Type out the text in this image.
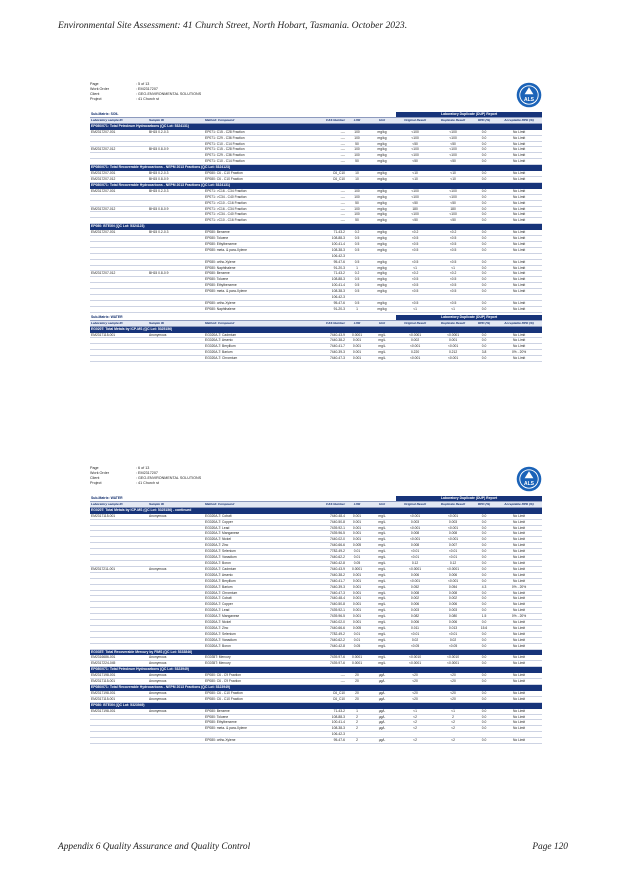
Environmental Site Assessment: 41 Church Street, North Hobart, Tasmania. October 2023.
Page	: 5 of 13
Work Order	: EM2317207
Client	: GEO-ENVIRONMENTAL SOLUTIONS
Project	: 41 Church st	ALS
Sub-Matrix: SOIL						Laboratory Duplicate (DUP) Report			
Laboratory sample ID	Sample ID	Method: Compound	CAS Number	LOR	Unit	Original Result	Duplicate Result	RPD (%)	Acceptable RPD (%)
EP080/071: Total Petroleum Hydrocarbons (QC Lot: 5324131)									
EM2317207-001	BH15 0.2-0.3	EP071: C15 - C28 Fraction	----	100	mg/kg	<100	<100	0.0	No Limit
		EP071: C29 - C36 Fraction	----	100	mg/kg	<100	<100	0.0	No Limit
		EP071: C10 - C14 Fraction	----	50	mg/kg	<50	<50	0.0	No Limit
EM2317207-012	BH15 0.8-0.9	EP071: C15 - C28 Fraction	----	100	mg/kg	<100	<100	0.0	No Limit
		EP071: C29 - C36 Fraction	----	100	mg/kg	<100	<100	0.0	No Limit
		EP071: C10 - C14 Fraction	----	50	mg/kg	<50	<50	0.0	No Limit
EP080/071: Total Recoverable Hydrocarbons - NEPM 2013 Fractions (QC Lot: 5324123)									
EM2317207-001	BH15 0.2-0.3	EP080: C6 - C10 Fraction	C6_C10	10	mg/kg	<10	<10	0.0	No Limit
EM2317207-012	BH15 0.8-0.9	EP080: C6 - C10 Fraction	C6_C10	10	mg/kg	<10	<10	0.0	No Limit
EP080/071: Total Recoverable Hydrocarbons - NEPM 2013 Fractions (QC Lot: 5324131)									
EM2317207-001	BH15 0.2-0.3	EP071: >C16 - C34 Fraction	----	100	mg/kg	<100	<100	0.0	No Limit
		EP071: >C34 - C40 Fraction	----	100	mg/kg	<100	<100	0.0	No Limit
		EP071: >C10 - C16 Fraction	----	50	mg/kg	<50	<50	0.0	No Limit
EM2317207-012	BH15 0.8-0.9	EP071: >C16 - C34 Fraction	----	100	mg/kg	180	180	0.0	No Limit
		EP071: >C34 - C40 Fraction	----	100	mg/kg	<100	<100	0.0	No Limit
		EP071: >C10 - C16 Fraction	----	50	mg/kg	<50	<50	0.0	No Limit
EP080: BTEXN (QC Lot: 5324123)									
EM2317207-001	BH15 0.2-0.3	EP080: Benzene	71-43-2	0.2	mg/kg	<0.2	<0.2	0.0	No Limit
		EP080: Toluene	108-88-3	0.5	mg/kg	<0.5	<0.5	0.0	No Limit
		EP080: Ethylbenzene	100-41-4	0.5	mg/kg	<0.5	<0.5	0.0	No Limit
		EP080: meta- & para-Xylene	108-38-3	0.5	mg/kg	<0.5	<0.5	0.0	No Limit
			106-42-3						
		EP080: ortho-Xylene	95-47-6	0.5	mg/kg	<0.5	<0.5	0.0	No Limit
		EP080: Naphthalene	91-20-3	1	mg/kg	<1	<1	0.0	No Limit
EM2317207-012	BH15 0.8-0.9	EP080: Benzene	71-43-2	0.2	mg/kg	<0.2	<0.2	0.0	No Limit
		EP080: Toluene	108-88-3	0.5	mg/kg	<0.5	<0.5	0.0	No Limit
		EP080: Ethylbenzene	100-41-4	0.5	mg/kg	<0.5	<0.5	0.0	No Limit
		EP080: meta- & para-Xylene	108-38-3	0.5	mg/kg	<0.5	<0.5	0.0	No Limit
			106-42-3						
		EP080: ortho-Xylene	95-47-6	0.5	mg/kg	<0.5	<0.5	0.0	No Limit
		EP080: Naphthalene	91-20-3	1	mg/kg	<1	<1	0.0	No Limit

Sub-Matrix: WATER						Laboratory Duplicate (DUP) Report			
Laboratory sample ID	Sample ID	Method: Compound	CAS Number	LOR	Unit	Original Result	Duplicate Result	RPD (%)	Acceptable RPD (%)
EG020T: Total Metals by ICP-MS (QC Lot: 5325156)									
EM2317115-001	Anonymous	EG020A-T: Cadmium	7440-43-9	0.0001	mg/L	<0.0001	<0.0001	0.0	No Limit
		EG020A-T: Arsenic	7440-38-2	0.001	mg/L	0.002	0.001	0.0	No Limit
		EG020A-T: Beryllium	7440-41-7	0.001	mg/L	<0.001	<0.001	0.0	No Limit
		EG020A-T: Barium	7440-39-3	0.001	mg/L	0.220	0.212	3.8	0% - 20%
		EG020A-T: Chromium	7440-47-3	0.001	mg/L	<0.001	<0.001	0.0	No Limit
Page	: 6 of 13
Work Order	: EM2317207
Client	: GEO-ENVIRONMENTAL SOLUTIONS
Project	: 41 Church st	ALS
Sub-Matrix: WATER						Laboratory Duplicate (DUP) Report			
Laboratory sample ID	Sample ID	Method: Compound	CAS Number	LOR	Unit	Original Result	Duplicate Result	RPD (%)	Acceptable RPD (%)
EG020T: Total Metals by ICP-MS (QC Lot: 5325156) - continued									
EM2317115-001	Anonymous	EG020A-T: Cobalt	7440-48-4	0.001	mg/L	<0.001	<0.001	0.0	No Limit
		EG020A-T: Copper	7440-50-8	0.001	mg/L	0.003	0.003	0.0	No Limit
		EG020A-T: Lead	7439-92-1	0.001	mg/L	<0.001	<0.001	0.0	No Limit
		EG020A-T: Manganese	7439-96-5	0.001	mg/L	0.008	0.008	0.0	No Limit
		EG020A-T: Nickel	7440-02-0	0.001	mg/L	<0.001	<0.001	0.0	No Limit
		EG020A-T: Zinc	7440-66-6	0.005	mg/L	0.008	0.007	0.0	No Limit
		EG020A-T: Selenium	7782-49-2	0.01	mg/L	<0.01	<0.01	0.0	No Limit
		EG020A-T: Vanadium	7440-62-2	0.01	mg/L	<0.01	<0.01	0.0	No Limit
		EG020A-T: Boron	7440-42-8	0.05	mg/L	0.12	0.12	0.0	No Limit
EM2317211-001	Anonymous	EG020A-T: Cadmium	7440-43-9	0.0001	mg/L	<0.0001	<0.0001	0.0	No Limit
		EG020A-T: Arsenic	7440-38-2	0.001	mg/L	0.006	0.006	0.0	No Limit
		EG020A-T: Beryllium	7440-41-7	0.001	mg/L	<0.001	<0.001	0.0	No Limit
		EG020A-T: Barium	7440-39-3	0.001	mg/L	0.052	0.054	4.3	0% - 20%
		EG020A-T: Chromium	7440-47-3	0.001	mg/L	0.008	0.008	0.0	No Limit
		EG020A-T: Cobalt	7440-48-4	0.001	mg/L	0.002	0.002	0.0	No Limit
		EG020A-T: Copper	7440-50-8	0.001	mg/L	0.006	0.006	0.0	No Limit
		EG020A-T: Lead	7439-92-1	0.001	mg/L	0.003	0.003	0.0	No Limit
		EG020A-T: Manganese	7439-96-5	0.001	mg/L	0.082	0.080	1.5	0% - 20%
		EG020A-T: Nickel	7440-02-0	0.001	mg/L	0.006	0.006	0.0	No Limit
		EG020A-T: Zinc	7440-66-6	0.005	mg/L	0.011	0.013	15.6	No Limit
		EG020A-T: Selenium	7782-49-2	0.01	mg/L	<0.01	<0.01	0.0	No Limit
		EG020A-T: Vanadium	7440-62-2	0.01	mg/L	0.02	0.02	0.0	No Limit
		EG020A-T: Boron	7440-42-8	0.05	mg/L	<0.05	<0.05	0.0	No Limit
EG035T: Total Recoverable Mercury by FIMS (QC Lot: 5333846)									
EM2316686-001	Anonymous	EG035T: Mercury	7439-97-6	0.0001	mg/L	<0.0010	<0.0010	0.0	No Limit
EM2317224-045	Anonymous	EG035T: Mercury	7439-97-6	0.0001	mg/L	<0.0001	<0.0001	0.0	No Limit
EP080/071: Total Petroleum Hydrocarbons (QC Lot: 5323949)									
EM2317198-001	Anonymous	EP080: C6 - C9 Fraction	----	20	µg/L	<20	<20	0.0	No Limit
EM2317115-001	Anonymous	EP080: C6 - C9 Fraction	----	20	µg/L	<20	<20	0.0	No Limit
EP080/071: Total Recoverable Hydrocarbons - NEPM 2013 Fractions (QC Lot: 5323949)									
EM2317198-001	Anonymous	EP080: C6 - C10 Fraction	C6_C10	20	µg/L	<20	<20	0.0	No Limit
EM2317115-001	Anonymous	EP080: C6 - C10 Fraction	C6_C10	20	µg/L	<20	<20	0.0	No Limit
EP080: BTEXN (QC Lot: 5323949)									
EM2317198-001	Anonymous	EP080: Benzene	71-43-2	1	µg/L	<1	<1	0.0	No Limit
		EP080: Toluene	108-88-3	2	µg/L	<2	2	0.0	No Limit
		EP080: Ethylbenzene	100-41-4	2	µg/L	<2	<2	0.0	No Limit
		EP080: meta- & para-Xylene	108-38-3	2	µg/L	<2	<2	0.0	No Limit
			106-42-3						
		EP080: ortho-Xylene	95-47-6	2	µg/L	<2	<2	0.0	No Limit
Appendix 6 Quality Assurance and Quality Control	Page 120
